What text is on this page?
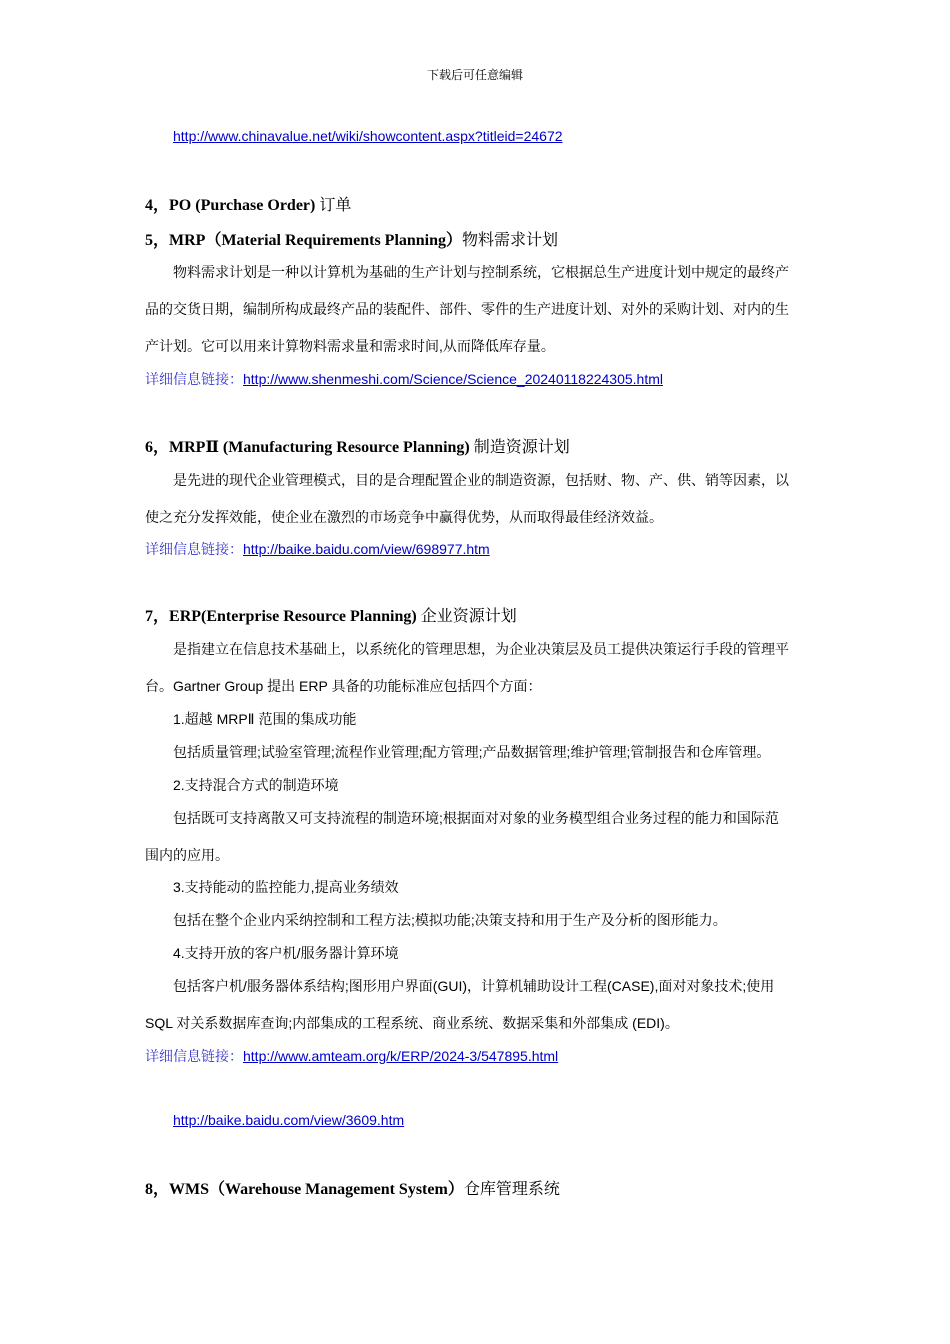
下载后可任意编辑
http://www.chinavalue.net/wiki/showcontent.aspx?titleid=24672
4，PO (Purchase Order) 订单
5，MRP（Material Requirements Planning）物料需求计划
物料需求计划是一种以计算机为基础的生产计划与控制系统，它根据总生产进度计划中规定的最终产
品的交货日期，编制所构成最终产品的装配件、部件、零件的生产进度计划、对外的采购计划、对内的生
产计划。它可以用来计算物料需求量和需求时间,从而降低库存量。
详细信息链接：http://www.shenmeshi.com/Science/Science_20240118224305.html
6，MRPⅡ (Manufacturing Resource Planning) 制造资源计划
是先进的现代企业管理模式，目的是合理配置企业的制造资源，包括财、物、产、供、销等因素，以
使之充分发挥效能，使企业在激烈的市场竞争中赢得优势，从而取得最佳经济效益。
详细信息链接：http://baike.baidu.com/view/698977.htm
7，ERP(Enterprise Resource Planning) 企业资源计划
是指建立在信息技术基础上，以系统化的管理思想，为企业决策层及员工提供决策运行手段的管理平
台。Gartner Group 提出 ERP 具备的功能标准应包括四个方面：
1.超越 MRPⅡ 范围的集成功能
包括质量管理;试验室管理;流程作业管理;配方管理;产品数据管理;维护管理;管制报告和仓库管理。
2.支持混合方式的制造环境
包括既可支持离散又可支持流程的制造环境;根据面对对象的业务模型组合业务过程的能力和国际范
围内的应用。
3.支持能动的监控能力,提高业务绩效
包括在整个企业内采纳控制和工程方法;模拟功能;决策支持和用于生产及分析的图形能力。
4.支持开放的客户机/服务器计算环境
包括客户机/服务器体系结构;图形用户界面(GUI)，计算机辅助设计工程(CASE),面对对象技术;使用
SQL 对关系数据库查询;内部集成的工程系统、商业系统、数据采集和外部集成 (EDI)。
详细信息链接：http://www.amteam.org/k/ERP/2024-3/547895.html
http://baike.baidu.com/view/3609.htm
8，WMS（Warehouse Management System）仓库管理系统
